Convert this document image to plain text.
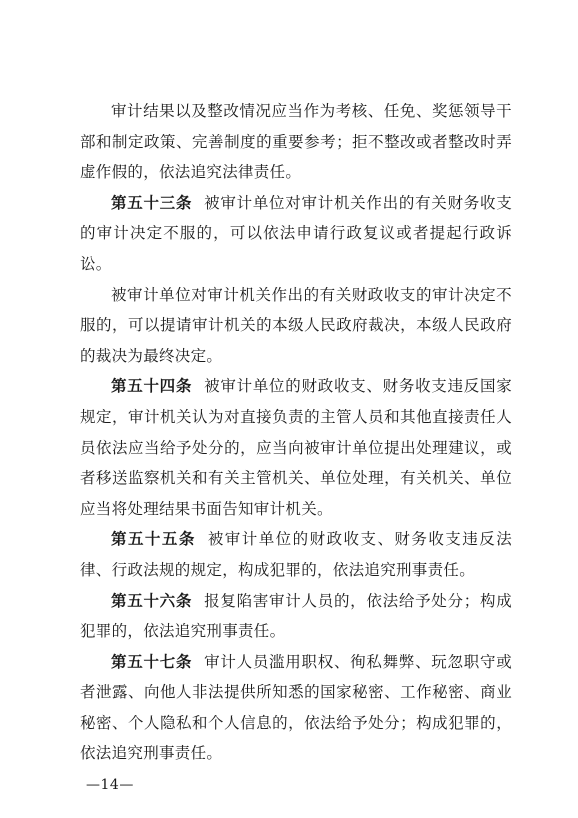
审计结果以及整改情况应当作为考核、任免、奖惩领导干部和制定政策、完善制度的重要参考；拒不整改或者整改时弄虚作假的，依法追究法律责任。

第五十三条 被审计单位对审计机关作出的有关财务收支的审计决定不服的，可以依法申请行政复议或者提起行政诉讼。

被审计单位对审计机关作出的有关财政收支的审计决定不服的，可以提请审计机关的本级人民政府裁决，本级人民政府的裁决为最终决定。

第五十四条 被审计单位的财政收支、财务收支违反国家规定，审计机关认为对直接负责的主管人员和其他直接责任人员依法应当给予处分的，应当向被审计单位提出处理建议，或者移送监察机关和有关主管机关、单位处理，有关机关、单位应当将处理结果书面告知审计机关。

第五十五条 被审计单位的财政收支、财务收支违反法律、行政法规的规定，构成犯罪的，依法追究刑事责任。

第五十六条 报复陷害审计人员的，依法给予处分；构成犯罪的，依法追究刑事责任。

第五十七条 审计人员滥用职权、徇私舞弊、玩忽职守或者泄露、向他人非法提供所知悉的国家秘密、工作秘密、商业秘密、个人隐私和个人信息的，依法给予处分；构成犯罪的，依法追究刑事责任。

—14—
